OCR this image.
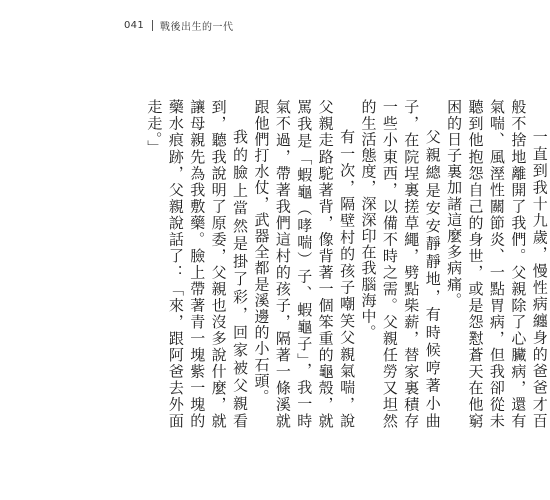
041 戰後出生的一代

一直到我十九歲，慢性病纏身的爸爸才百般不捨地離開了我們。父親除了心臟病，還有氣喘、風溼性關節炎、一點胃病，但我卻從未聽到他抱怨自己的身世，或是怨懟蒼天在他窮困的日子裏加諸這麼多病痛。

父親總是安安靜靜地，有時候哼著小曲子，在院埕裏搓草繩，劈點柴薪，替家裏積存一些小東西，以備不時之需。父親任勞又坦然的生活態度，深深印在我腦海中。

有一次，隔壁村的孩子嘲笑父親氣喘，說父親走路駝著背，像背著一個笨重的龜殼，就罵我是「蝦龜（哮喘）子、蝦龜子」，我一時氣不過，帶著我們這村的孩子，隔著一條溪就跟他們打水仗，武器全都是溪邊的小石頭。

我的臉上當然是掛了彩，回家被父親看到，聽我說明了原委，父親也沒多說什麼，就讓母親先為我敷藥。臉上帶著青一塊紫一塊的藥水痕跡，父親說話了：「來，跟阿爸去外面走走。」
